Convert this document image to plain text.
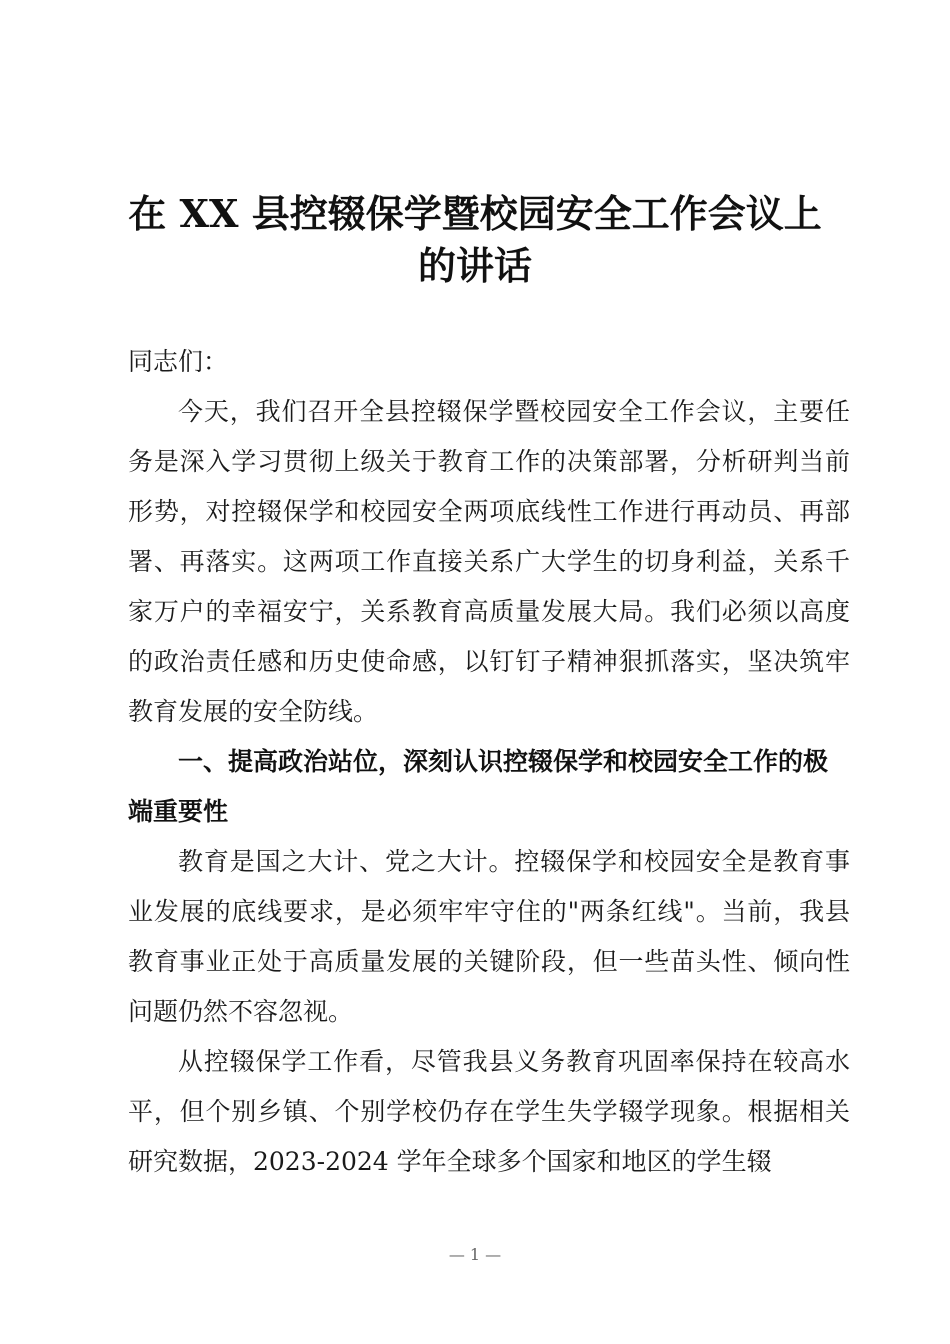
在 XX 县控辍保学暨校园安全工作会议上
的讲话

同志们：

今天，我们召开全县控辍保学暨校园安全工作会议，主要任务是深入学习贯彻上级关于教育工作的决策部署，分析研判当前形势，对控辍保学和校园安全两项底线性工作进行再动员、再部署、再落实。这两项工作直接关系广大学生的切身利益，关系千家万户的幸福安宁，关系教育高质量发展大局。我们必须以高度的政治责任感和历史使命感，以钉钉子精神狠抓落实，坚决筑牢教育发展的安全防线。

一、提高政治站位，深刻认识控辍保学和校园安全工作的极端重要性

教育是国之大计、党之大计。控辍保学和校园安全是教育事业发展的底线要求，是必须牢牢守住的"两条红线"。当前，我县教育事业正处于高质量发展的关键阶段，但一些苗头性、倾向性问题仍然不容忽视。

从控辍保学工作看，尽管我县义务教育巩固率保持在较高水平，但个别乡镇、个别学校仍存在学生失学辍学现象。根据相关研究数据，2023-2024 学年全球多个国家和地区的学生辍

— 1 —
